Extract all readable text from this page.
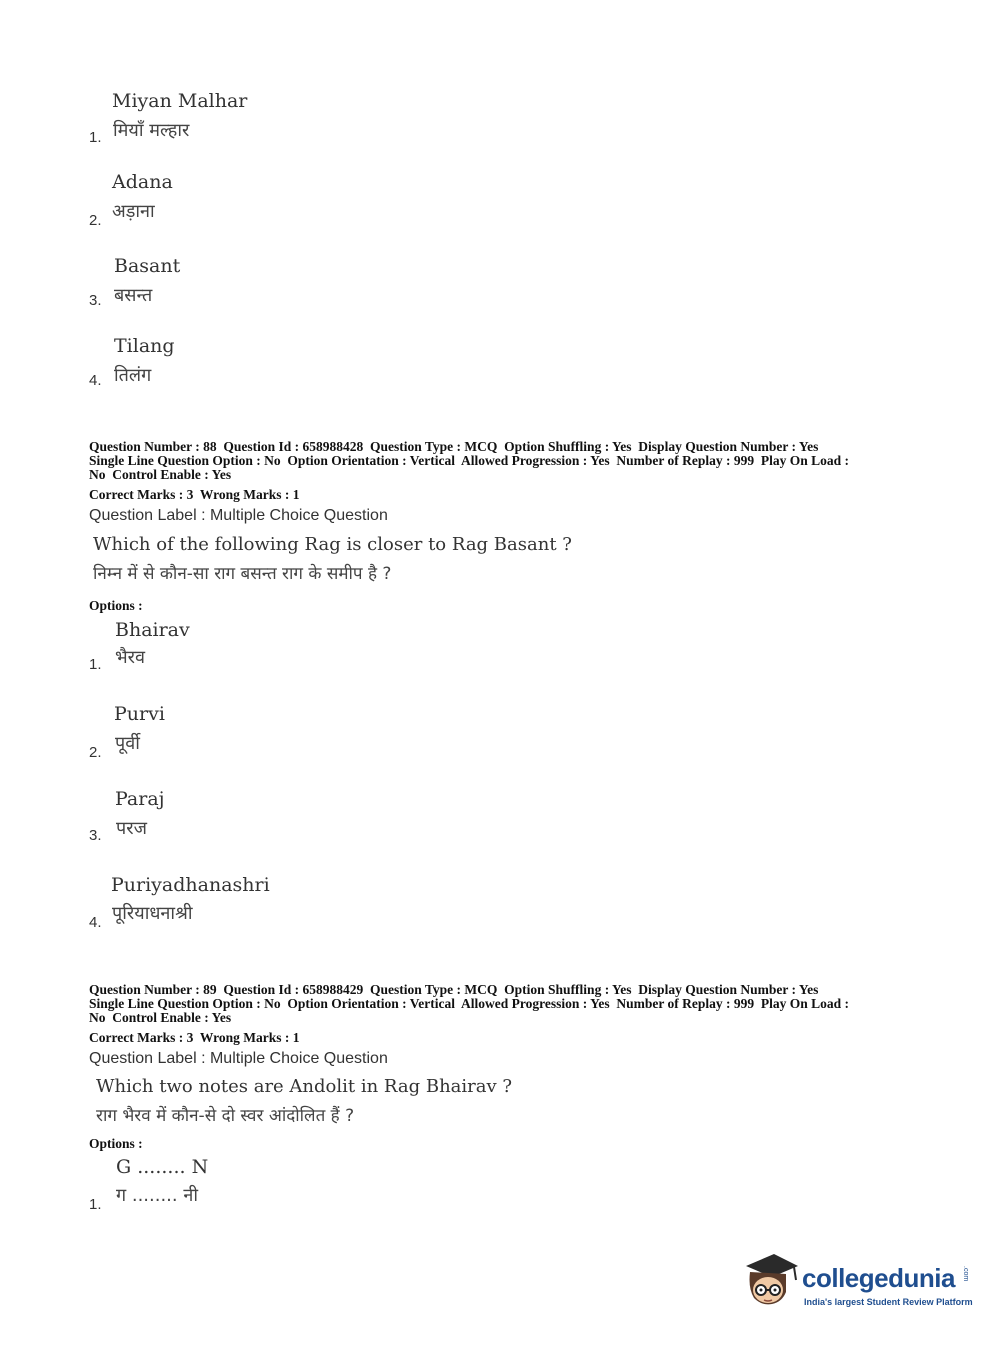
Miyan Malhar
मियाँ मल्हार
1.
Adana
अड़ाना
2.
Basant
बसन्त
3.
Tilang
तिलंग
4.
Question Number : 88  Question Id : 658988428  Question Type : MCQ  Option Shuffling : Yes  Display Question Number : Yes
Single Line Question Option : No  Option Orientation : Vertical  Allowed Progression : Yes  Number of Replay : 999  Play On Load :
No  Control Enable : Yes
Correct Marks : 3  Wrong Marks : 1
Question Label : Multiple Choice Question
Which of the following Rag is closer to Rag Basant ?
निम्न में से कौन-सा राग बसन्त राग के समीप है ?
Options :
Bhairav
भैरव
1.
Purvi
पूर्वी
2.
Paraj
परज
3.
Puriyadhanashri
पूरियाधनाश्री
4.
Question Number : 89  Question Id : 658988429  Question Type : MCQ  Option Shuffling : Yes  Display Question Number : Yes
Single Line Question Option : No  Option Orientation : Vertical  Allowed Progression : Yes  Number of Replay : 999  Play On Load :
No  Control Enable : Yes
Correct Marks : 3  Wrong Marks : 1
Question Label : Multiple Choice Question
Which two notes are Andolit in Rag Bhairav ?
राग भैरव में कौन-से दो स्वर आंदोलित हैं ?
Options :
G ........ N
ग ........ नी
1.
collegedunia .com
India's largest Student Review Platform
